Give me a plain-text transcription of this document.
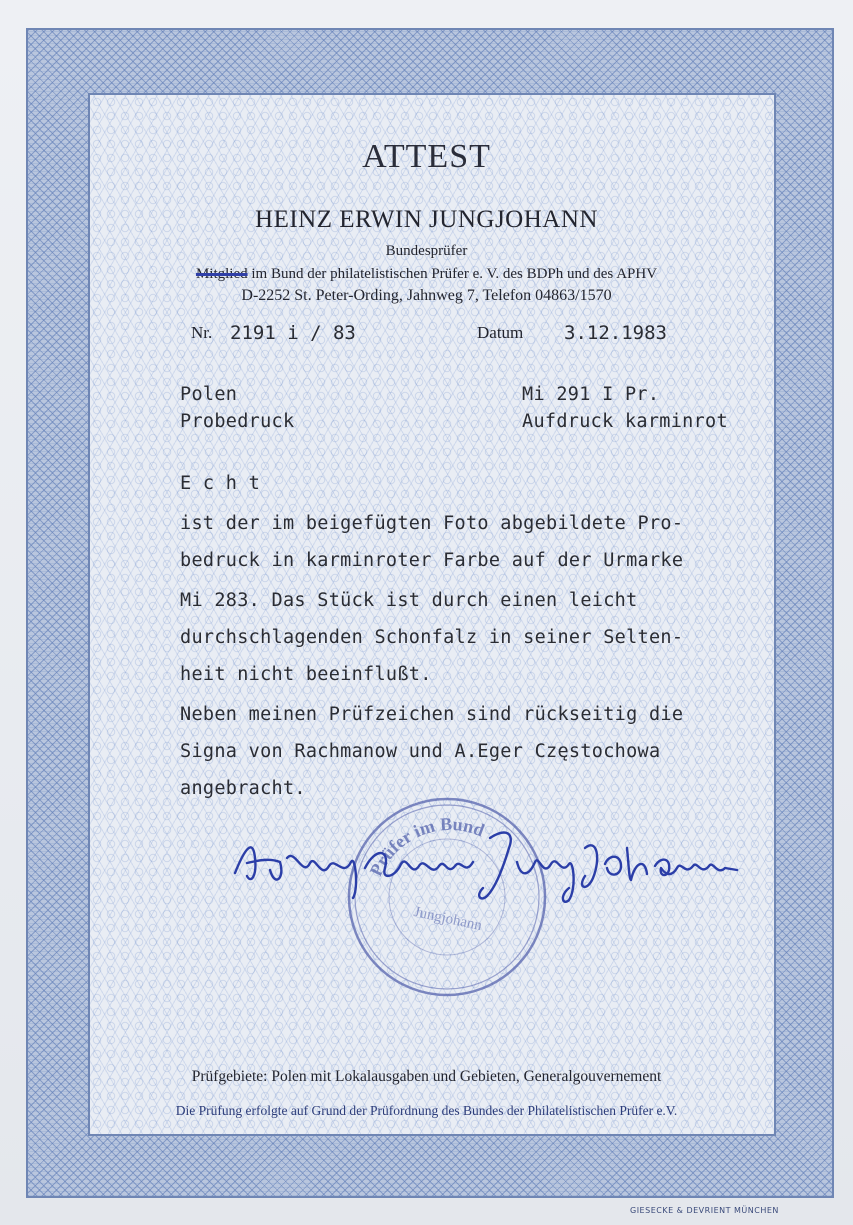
ATTEST
HEINZ ERWIN JUNGJOHANN
Bundesprüfer
Mitglied im Bund der philatelistischen Prüfer e. V. des BDPh und des APHV
D-2252 St. Peter-Ording, Jahnweg 7, Telefon 04863/1570
Nr. 2191 i / 83	Datum 3.12.1983
Polen
Probedruck
Mi 291 I Pr.
Aufdruck karminrot
E c h t
ist der im beigefügten Foto abgebildete Pro-
bedruck in karminroter Farbe auf der Urmarke
Mi 283. Das Stück ist durch einen leicht
durchschlagenden Schonfalz in seiner Selten-
heit nicht beeinflußt.
Neben meinen Prüfzeichen sind rückseitig die
Signa von Rachmanow und A.Eger Częstochowa
angebracht.
Prüfer im Bund
Jungjohann
Prüfgebiete: Polen mit Lokalausgaben und Gebieten, Generalgouvernement
Die Prüfung erfolgte auf Grund der Prüfordnung des Bundes der Philatelistischen Prüfer e.V.
GIESECKE & DEVRIENT MÜNCHEN
